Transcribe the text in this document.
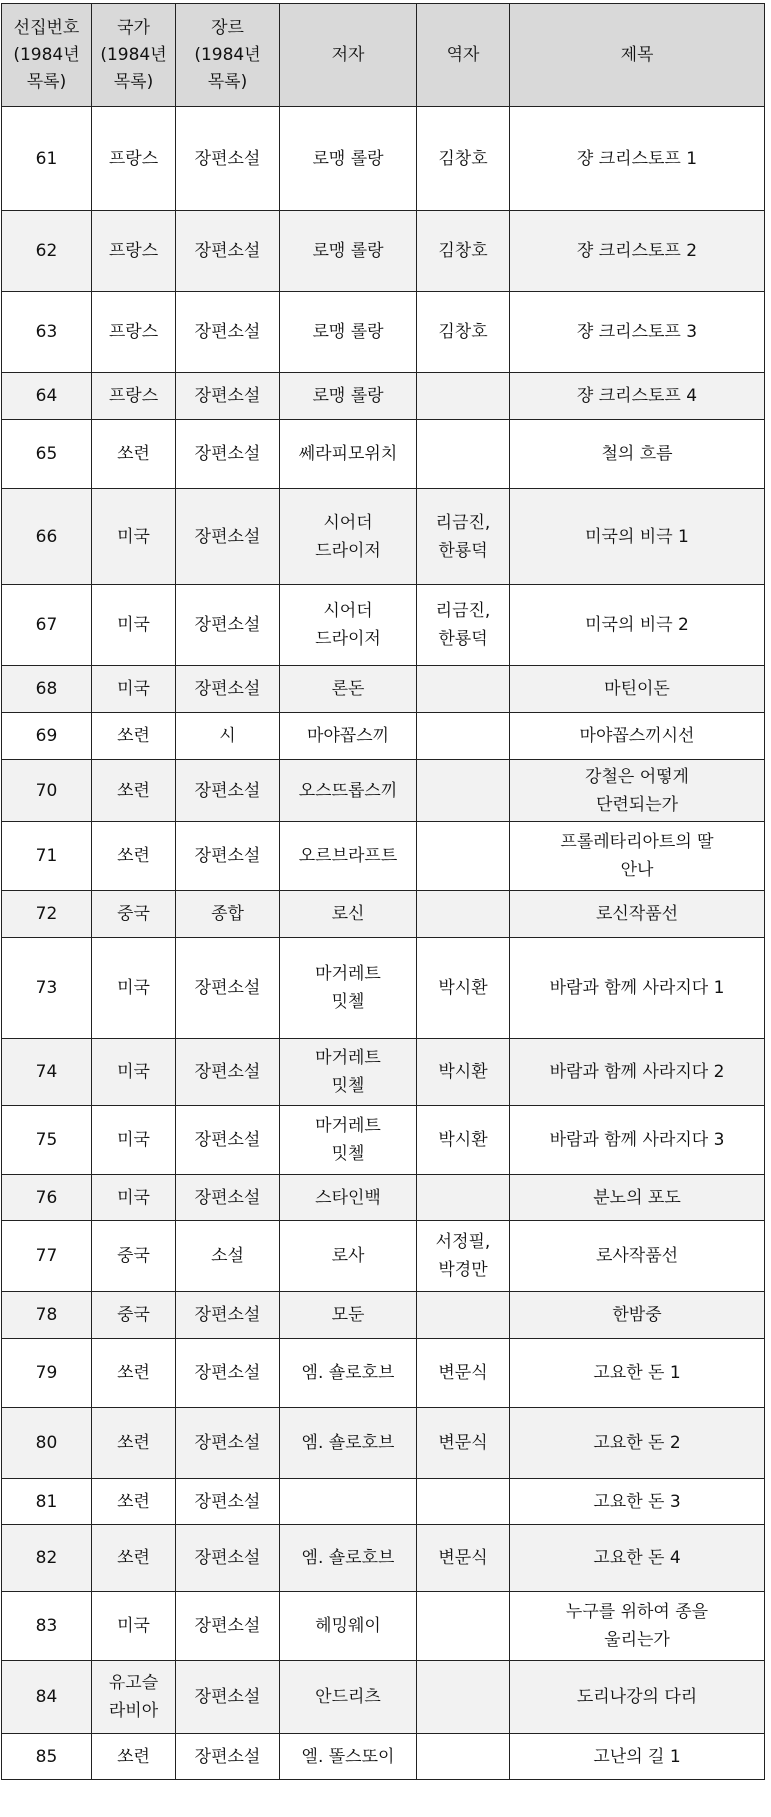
선집번호
(1984년
목록)	국가
(1984년
목록)	장르
(1984년
목록)	저자	역자	제목
61	프랑스	장편소설	로맹 롤랑	김창호	쟝 크리스토프 1
62	프랑스	장편소설	로맹 롤랑	김창호	쟝 크리스토프 2
63	프랑스	장편소설	로맹 롤랑	김창호	쟝 크리스토프 3
64	프랑스	장편소설	로맹 롤랑		쟝 크리스토프 4
65	쏘련	장편소설	쎄라피모위치		철의 흐름
66	미국	장편소설	시어더
드라이저	리금진,
한룡덕	미국의 비극 1
67	미국	장편소설	시어더
드라이저	리금진,
한룡덕	미국의 비극 2
68	미국	장편소설	론돈		마틴이돈
69	쏘련	시	마야꼽스끼		마야꼽스끼시선
70	쏘련	장편소설	오스뜨롭스끼		강철은 어떻게
단련되는가
71	쏘련	장편소설	오르브라프트		프롤레타리아트의 딸
안나
72	중국	종합	로신		로신작품선
73	미국	장편소설	마거레트
밋첼	박시환	바람과 함께 사라지다 1
74	미국	장편소설	마거레트
밋첼	박시환	바람과 함께 사라지다 2
75	미국	장편소설	마거레트
밋첼	박시환	바람과 함께 사라지다 3
76	미국	장편소설	스타인백		분노의 포도
77	중국	소설	로사	서정필,
박경만	로사작품선
78	중국	장편소설	모둔		한밤중
79	쏘련	장편소설	엠. 숄로호브	변문식	고요한 돈 1
80	쏘련	장편소설	엠. 숄로호브	변문식	고요한 돈 2
81	쏘련	장편소설			고요한 돈 3
82	쏘련	장편소설	엠. 숄로호브	변문식	고요한 돈 4
83	미국	장편소설	헤밍웨이		누구를 위하여 종을
울리는가
84	유고슬
라비아	장편소설	안드리츠		도리나강의 다리
85	쏘련	장편소설	엘. 똘스또이		고난의 길 1
